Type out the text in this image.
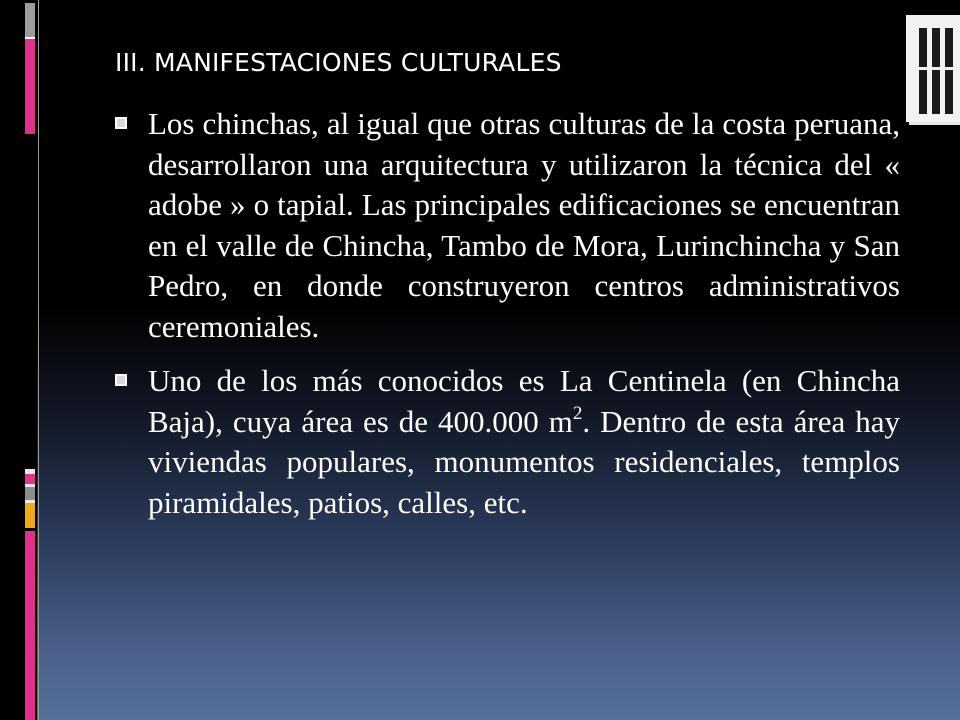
III. MANIFESTACIONES CULTURALES
Los chinchas, al igual que otras culturas de la costa peruana, desarrollaron una arquitectura y utilizaron la técnica del « adobe » o tapial. Las principales edificaciones se encuentran en el valle de Chincha, Tambo de Mora, Lurinchincha y San Pedro, en donde construyeron centros administrativos ceremoniales.
Uno de los más conocidos es La Centinela (en Chincha Baja), cuya área es de 400.000 $m^2$. Dentro de esta área hay viviendas populares, monumentos residenciales, templos piramidales, patios, calles, etc.
